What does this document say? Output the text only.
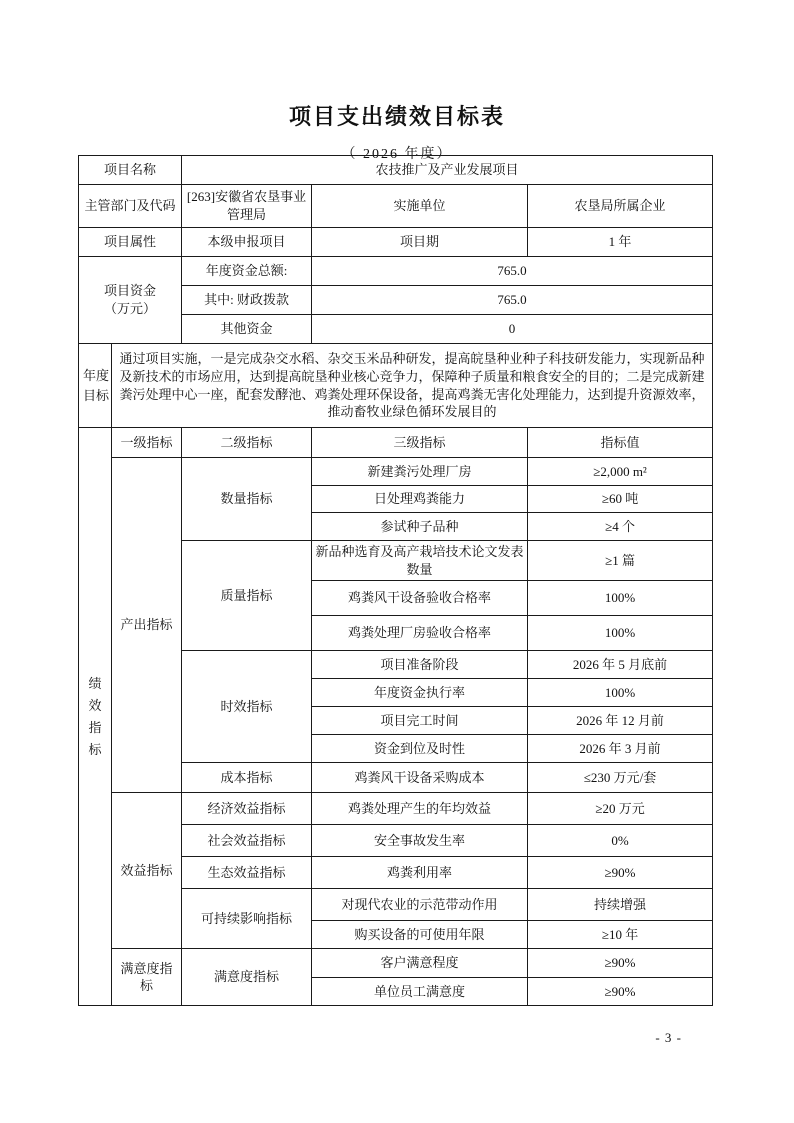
项目支出绩效目标表
（ 2026 年度）
项目名称		农技推广及产业发展项目		
主管部门及代码		[263]安徽省农垦事业管理局	实施单位	农垦局所属企业
项目属性		本级申报项目	项目期	1 年

项目资金
（万元）		年度资金总额:	765.0	
		其中: 财政拨款	765.0	
		其他资金	0	
年度目标	通过项目实施，一是完成杂交水稻、杂交玉米品种研发，提高皖垦种业种子科技研发能力，实现新品种及新技术的市场应用，达到提高皖垦种业核心竞争力，保障种子质量和粮食安全的目的；二是完成新建粪污处理中心一座，配套发酵池、鸡粪处理环保设备，提高鸡粪无害化处理能力，达到提升资源效率，推动畜牧业绿色循环发展目的			
绩效指标	一级指标	二级指标	三级指标	指标值
	产出指标	数量指标	新建粪污处理厂房	≥2,000 m²
			日处理鸡粪能力	≥60 吨
			参试种子品种	≥4 个
		质量指标	新品种选育及高产栽培技术论文发表数量	≥1 篇
			鸡粪风干设备验收合格率	100%
			鸡粪处理厂房验收合格率	100%
		时效指标	项目准备阶段	2026 年 5 月底前
			年度资金执行率	100%
			项目完工时间	2026 年 12 月前
			资金到位及时性	2026 年 3 月前
		成本指标	鸡粪风干设备采购成本	≤230 万元/套
	效益指标	经济效益指标	鸡粪处理产生的年均效益	≥20 万元
		社会效益指标	安全事故发生率	0%
		生态效益指标	鸡粪利用率	≥90%
		可持续影响指标	对现代农业的示范带动作用	持续增强
			购买设备的可使用年限	≥10 年
	满意度指标	满意度指标	客户满意程度	≥90%
			单位员工满意度	≥90%
- 3 -
